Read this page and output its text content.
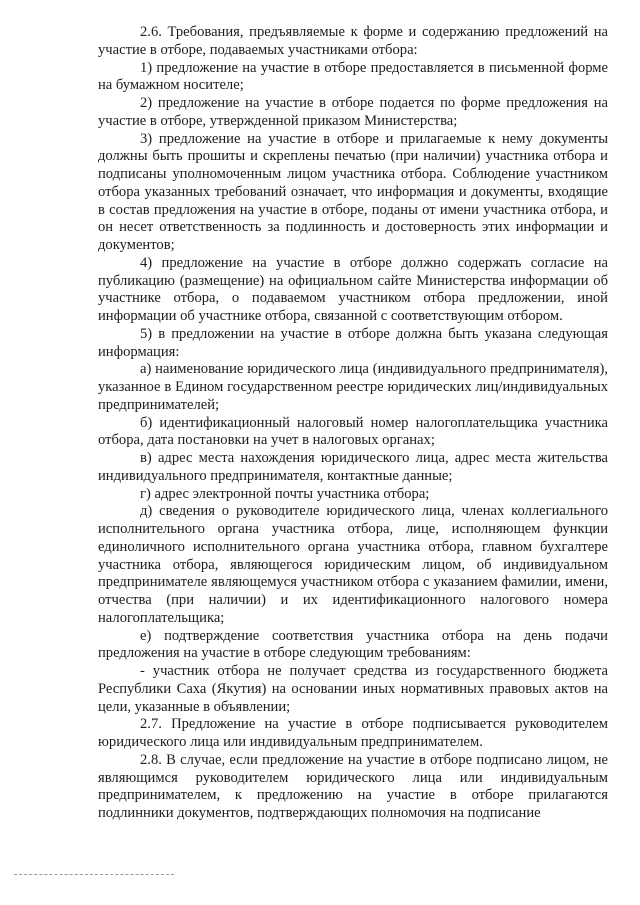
2.6. Требования, предъявляемые к форме и содержанию предложений на участие в отборе, подаваемых участниками отбора:

1) предложение на участие в отборе предоставляется в письменной форме на бумажном носителе;

2) предложение на участие в отборе подается по форме предложения на участие в отборе, утвержденной приказом Министерства;

3) предложение на участие в отборе и прилагаемые к нему документы должны быть прошиты и скреплены печатью (при наличии) участника отбора и подписаны уполномоченным лицом участника отбора. Соблюдение участником отбора указанных требований означает, что информация и документы, входящие в состав предложения на участие в отборе, поданы от имени участника отбора, и он несет ответственность за подлинность и достоверность этих информации и документов;

4) предложение на участие в отборе должно содержать согласие на публикацию (размещение) на официальном сайте Министерства информации об участнике отбора, о подаваемом участником отбора предложении, иной информации об участнике отбора, связанной с соответствующим отбором.

5) в предложении на участие в отборе должна быть указана следующая информация:

а) наименование юридического лица (индивидуального предпринимателя), указанное в Едином государственном реестре юридических лиц/индивидуальных предпринимателей;

б) идентификационный налоговый номер налогоплательщика участника отбора, дата постановки на учет в налоговых органах;

в) адрес места нахождения юридического лица, адрес места жительства индивидуального предпринимателя, контактные данные;

г) адрес электронной почты участника отбора;

д) сведения о руководителе юридического лица, членах коллегиального исполнительного органа участника отбора, лице, исполняющем функции единоличного исполнительного органа участника отбора, главном бухгалтере участника отбора, являющегося юридическим лицом, об индивидуальном предпринимателе являющемуся участником отбора с указанием фамилии, имени, отчества (при наличии) и их идентификационного налогового номера налогоплательщика;

е) подтверждение соответствия участника отбора на день подачи предложения на участие в отборе следующим требованиям:

- участник отбора не получает средства из государственного бюджета Республики Саха (Якутия) на основании иных нормативных правовых актов на цели, указанные в объявлении;

2.7. Предложение на участие в отборе подписывается руководителем юридического лица или индивидуальным предпринимателем.

2.8. В случае, если предложение на участие в отборе подписано лицом, не являющимся руководителем юридического лица или индивидуальным предпринимателем, к предложению на участие в отборе прилагаются подлинники документов, подтверждающих полномочия на подписание
